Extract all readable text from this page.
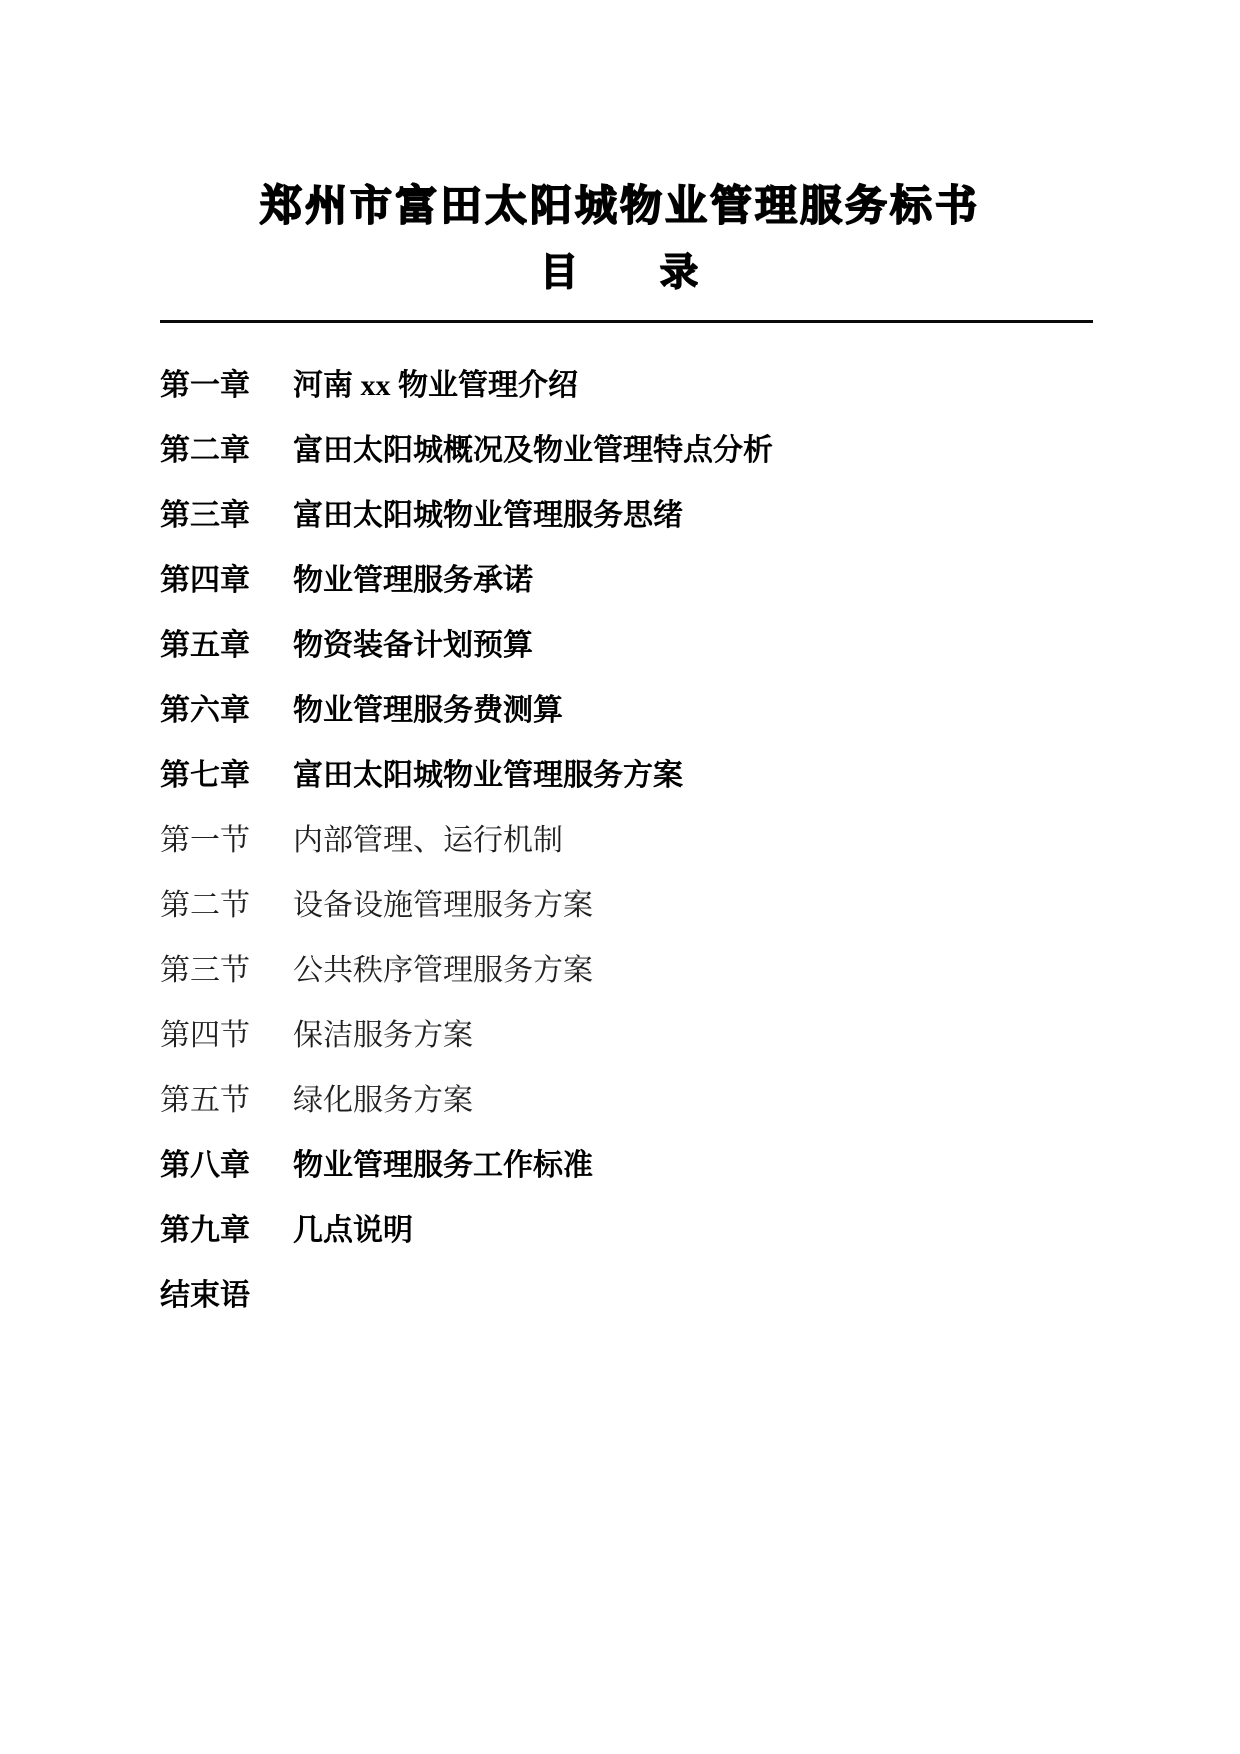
郑州市富田太阳城物业管理服务标书
目　　录
第一章	河南 xx 物业管理介绍
第二章	富田太阳城概况及物业管理特点分析
第三章	富田太阳城物业管理服务思绪
第四章	物业管理服务承诺
第五章	物资装备计划预算
第六章	物业管理服务费测算
第七章	富田太阳城物业管理服务方案
第一节	内部管理、运行机制
第二节	设备设施管理服务方案
第三节	公共秩序管理服务方案
第四节	保洁服务方案
第五节	绿化服务方案
第八章	物业管理服务工作标准
第九章	几点说明
结束语
